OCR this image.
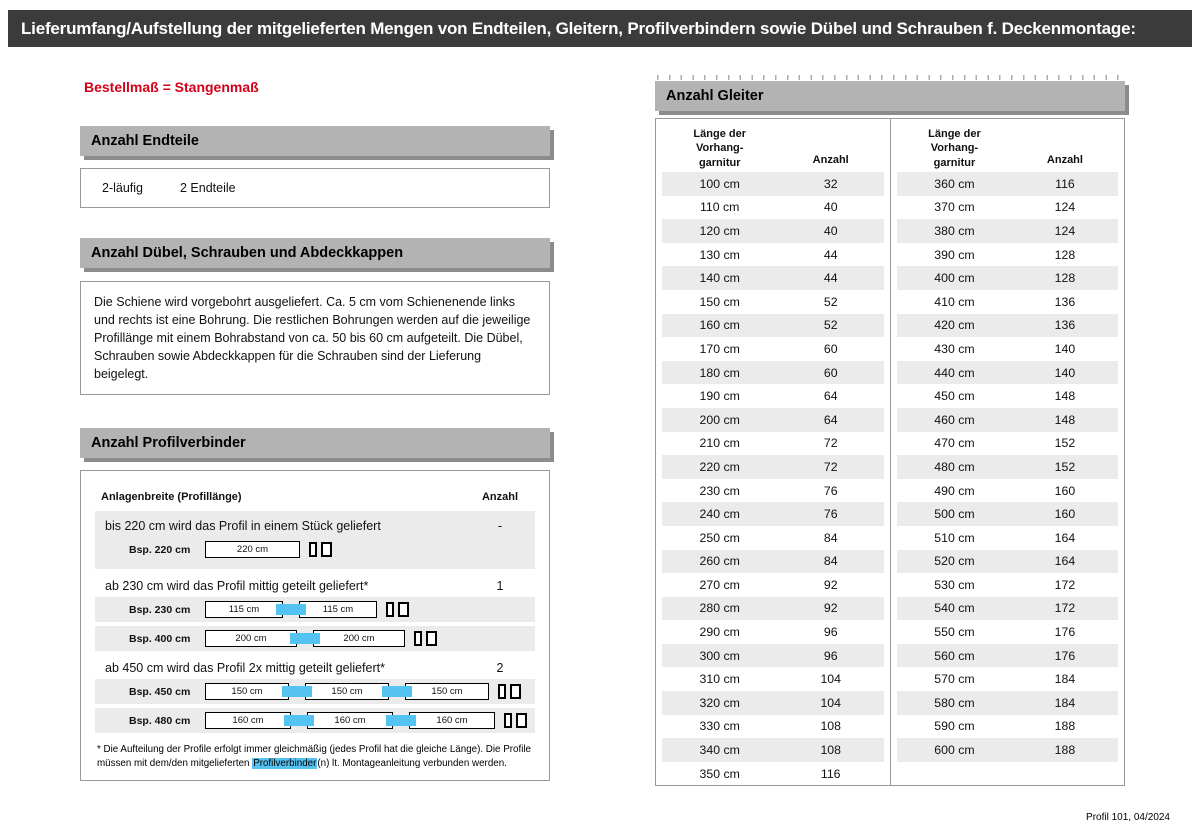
Lieferumfang/Aufstellung der mitgelieferten Mengen von Endteilen, Gleitern, Profilverbindern sowie Dübel und Schrauben f. Deckenmontage:
Bestellmaß = Stangenmaß
Anzahl Endteile
2-läufig	2 Endteile
Anzahl Dübel, Schrauben und Abdeckkappen
Die Schiene wird vorgebohrt ausgeliefert. Ca. 5 cm vom Schienenende links und rechts ist eine Bohrung. Die restlichen Bohrungen werden auf die jeweilige Profillänge mit einem Bohrabstand von ca. 50 bis 60 cm aufgeteilt. Die Dübel, Schrauben sowie Abdeckkappen für die Schrauben sind der Lieferung beigelegt.
Anzahl Profilverbinder
Anlagenbreite (Profillänge)	Anzahl
bis 220 cm wird das Profil in einem Stück geliefert	-
Bsp. 220 cm	220 cm
ab 230 cm wird das Profil mittig geteilt geliefert*	1
Bsp. 230 cm	115 cm	115 cm
Bsp. 400 cm	200 cm	200 cm
ab 450 cm wird das Profil 2x mittig geteilt geliefert*	2
Bsp. 450 cm	150 cm	150 cm	150 cm
Bsp. 480 cm	160 cm	160 cm	160 cm
* Die Aufteilung der Profile erfolgt immer gleichmäßig (jedes Profil hat die gleiche Länge). Die Profile müssen mit dem/den mitgelieferten Profilverbinder(n) lt. Montageanleitung verbunden werden.
Anzahl Gleiter
Länge der Vorhang-garnitur	Anzahl
100 cm	32
110 cm	40
120 cm	40
130 cm	44
140 cm	44
150 cm	52
160 cm	52
170 cm	60
180 cm	60
190 cm	64
200 cm	64
210 cm	72
220 cm	72
230 cm	76
240 cm	76
250 cm	84
260 cm	84
270 cm	92
280 cm	92
290 cm	96
300 cm	96
310 cm	104
320 cm	104
330 cm	108
340 cm	108
350 cm	116
Länge der Vorhang-garnitur	Anzahl
360 cm	116
370 cm	124
380 cm	124
390 cm	128
400 cm	128
410 cm	136
420 cm	136
430 cm	140
440 cm	140
450 cm	148
460 cm	148
470 cm	152
480 cm	152
490 cm	160
500 cm	160
510 cm	164
520 cm	164
530 cm	172
540 cm	172
550 cm	176
560 cm	176
570 cm	184
580 cm	184
590 cm	188
600 cm	188
Profil 101, 04/2024
